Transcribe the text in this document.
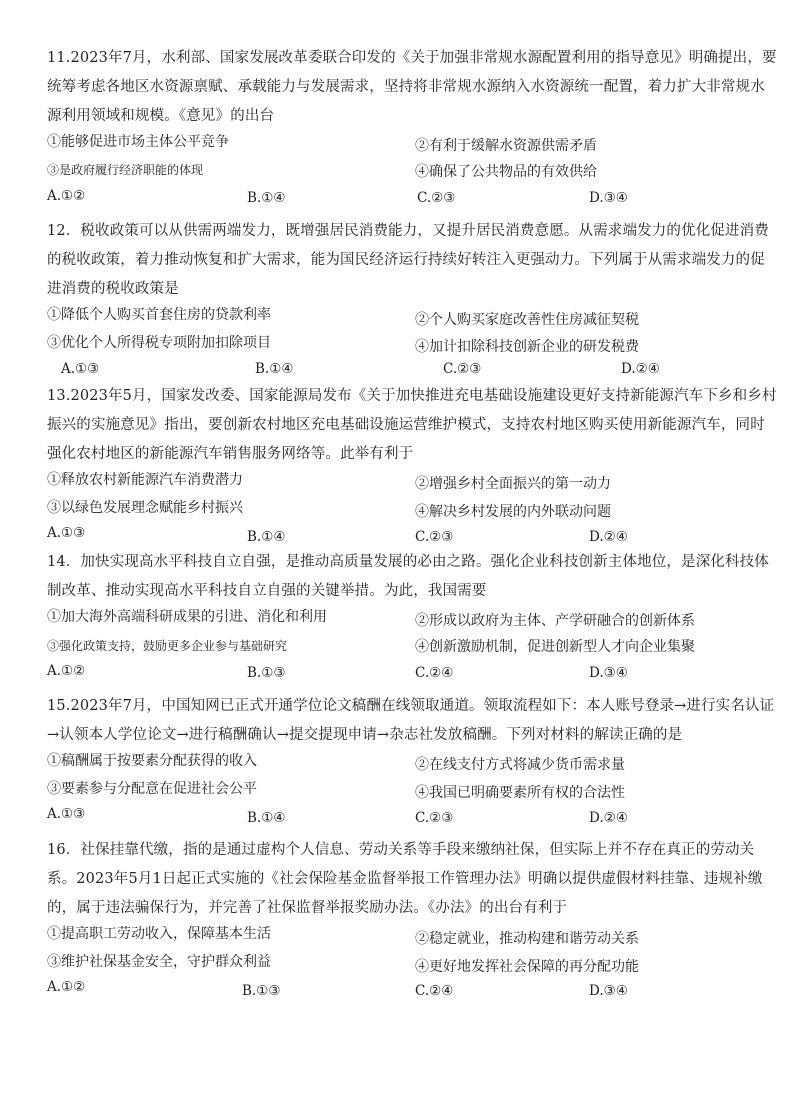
11.2023年7月，水利部、国家发展改革委联合印发的《关于加强非常规水源配置利用的指导意见》明确提出，要统筹考虑各地区水资源禀赋、承载能力与发展需求，坚持将非常规水源纳入水资源统一配置，着力扩大非常规水源利用领域和规模。《意见》的出台
①能够促进市场主体公平竞争	②有利于缓解水资源供需矛盾
③是政府履行经济职能的体现	④确保了公共物品的有效供给
A.①②	B.①④	C.②③	D.③④
12．税收政策可以从供需两端发力，既增强居民消费能力，又提升居民消费意愿。从需求端发力的优化促进消费的税收政策，着力推动恢复和扩大需求，能为国民经济运行持续好转注入更强动力。下列属于从需求端发力的促进消费的税收政策是
①降低个人购买首套住房的贷款利率	②个人购买家庭改善性住房减征契税
③优化个人所得税专项附加扣除项目	④加计扣除科技创新企业的研发税费
A.①③	B.①④	C.②③	D.②④
13.2023年5月，国家发改委、国家能源局发布《关于加快推进充电基础设施建设更好支持新能源汽车下乡和乡村振兴的实施意见》指出，要创新农村地区充电基础设施运营维护模式，支持农村地区购买使用新能源汽车，同时强化农村地区的新能源汽车销售服务网络等。此举有利于
①释放农村新能源汽车消费潜力	②增强乡村全面振兴的第一动力
③以绿色发展理念赋能乡村振兴	④解决乡村发展的内外联动问题
A.①③	B.①④	C.②③	D.②④
14．加快实现高水平科技自立自强，是推动高质量发展的必由之路。强化企业科技创新主体地位，是深化科技体制改革、推动实现高水平科技自立自强的关键举措。为此，我国需要
①加大海外高端科研成果的引进、消化和利用	②形成以政府为主体、产学研融合的创新体系
③强化政策支持，鼓励更多企业参与基础研究	④创新激励机制，促进创新型人才向企业集聚
A.①②	B.①③	C.②④	D.③④
15.2023年7月，中国知网已正式开通学位论文稿酬在线领取通道。领取流程如下：本人账号登录→进行实名认证→认领本人学位论文→进行稿酬确认→提交提现申请→杂志社发放稿酬。下列对材料的解读正确的是
①稿酬属于按要素分配获得的收入	②在线支付方式将减少货币需求量
③要素参与分配意在促进社会公平	④我国已明确要素所有权的合法性
A.①③	B.①④	C.②③	D.②④
16．社保挂靠代缴，指的是通过虚构个人信息、劳动关系等手段来缴纳社保，但实际上并不存在真正的劳动关系。2023年5月1日起正式实施的《社会保险基金监督举报工作管理办法》明确以提供虚假材料挂靠、违规补缴的，属于违法骗保行为，并完善了社保监督举报奖励办法。《办法》的出台有利于
①提高职工劳动收入，保障基本生活	②稳定就业，推动构建和谐劳动关系
③维护社保基金安全，守护群众利益	④更好地发挥社会保障的再分配功能
A.①②	B.①③	C.②④	D.③④
